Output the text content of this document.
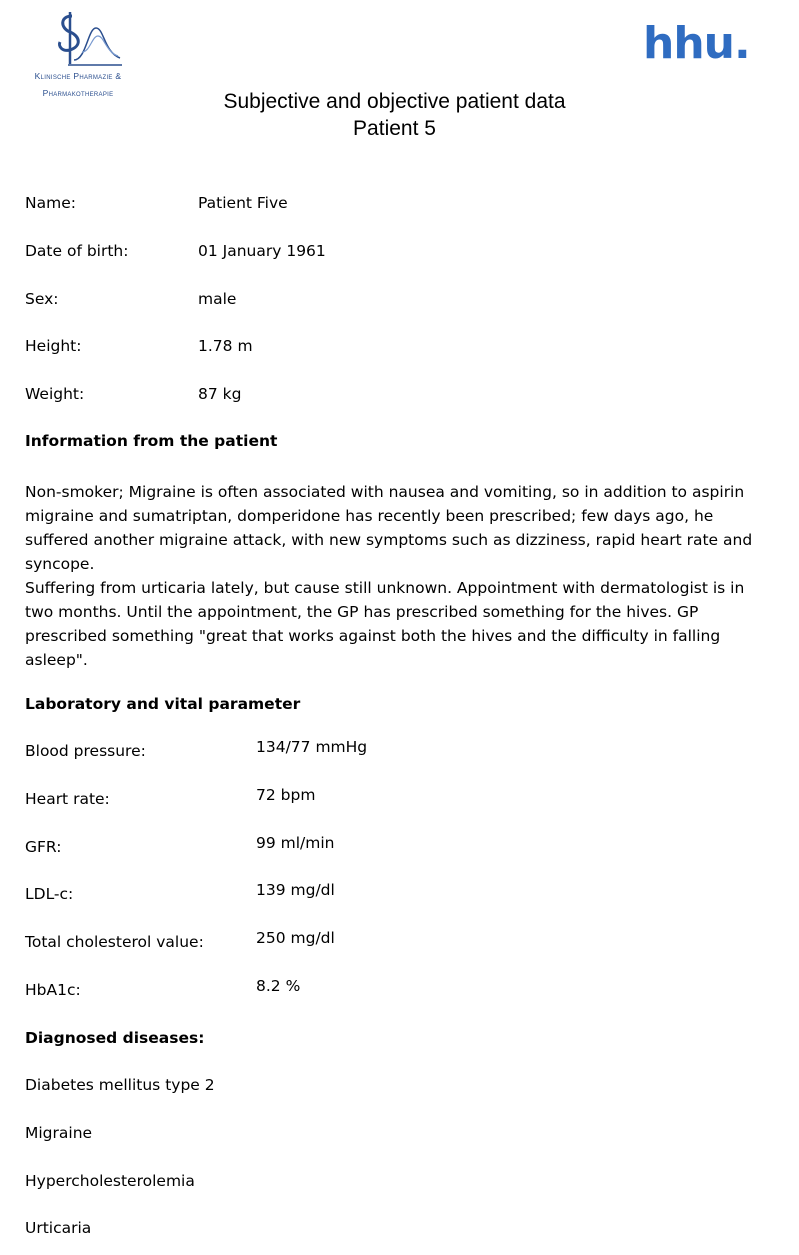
Klinische Pharmazie &
Pharmakotherapie
hhu.
Subjective and objective patient data
Patient 5
Name:	Patient Five
Date of birth:	01 January 1961
Sex:	male
Height:	1.78 m
Weight:	87 kg
Information from the patient
Non-smoker; Migraine is often associated with nausea and vomiting, so in addition to aspirin migraine and sumatriptan, domperidone has recently been prescribed; few days ago, he suffered another migraine attack, with new symptoms such as dizziness, rapid heart rate and syncope.
Suffering from urticaria lately, but cause still unknown. Appointment with dermatologist is in two months. Until the appointment, the GP has prescribed something for the hives. GP prescribed something "great that works against both the hives and the difficulty in falling asleep".
Laboratory and vital parameter
Blood pressure:	134/77 mmHg
Heart rate:	72 bpm
GFR:	99 ml/min
LDL-c:	139 mg/dl
Total cholesterol value:	250 mg/dl
HbA1c:	8.2 %
Diagnosed diseases:
Diabetes mellitus type 2
Migraine
Hypercholesterolemia
Urticaria
